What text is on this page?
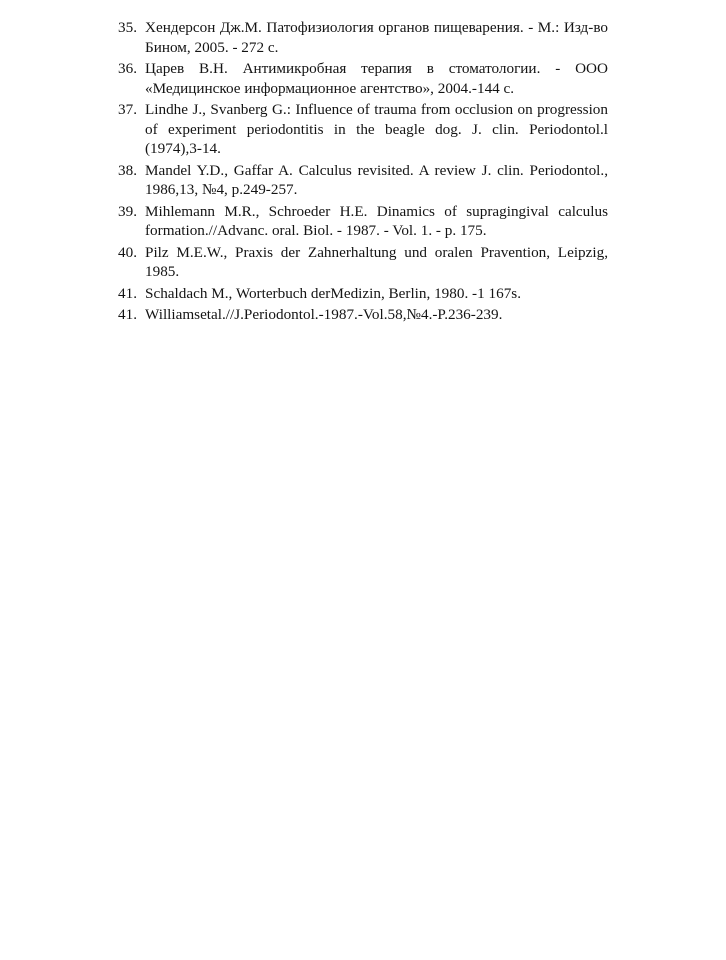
35. Хендерсон Дж.М. Патофизиология органов пищеварения. - М.: Изд-во Бином, 2005. - 272 с.
36. Царев В.Н. Антимикробная терапия в стоматологии. - ООО «Медицинское информационное агентство», 2004.-144 с.
37. Lindhe J., Svanberg G.: Influence of trauma from occlusion on progression of experiment periodontitis in the beagle dog. J. clin. Periodontol.l (1974),3-14.
38. Mandel Y.D., Gaffar A. Calculus revisited. A review J. clin. Periodontol., 1986,13, №4, p.249-257.
39. Mihlemann M.R., Schroeder H.E. Dinamics of supragingival calculus formation.//Advanc. oral. Biol. - 1987. - Vol. 1. - p. 175.
40. Pilz M.E.W., Praxis der Zahnerhaltung und oralen Pravention, Leipzig, 1985.
41. Schaldach M., Worterbuch derMedizin, Berlin, 1980. -1 167s.
41. Williamsetal.//J.Periodontol.-1987.-Vol.58,№4.-P.236-239.
